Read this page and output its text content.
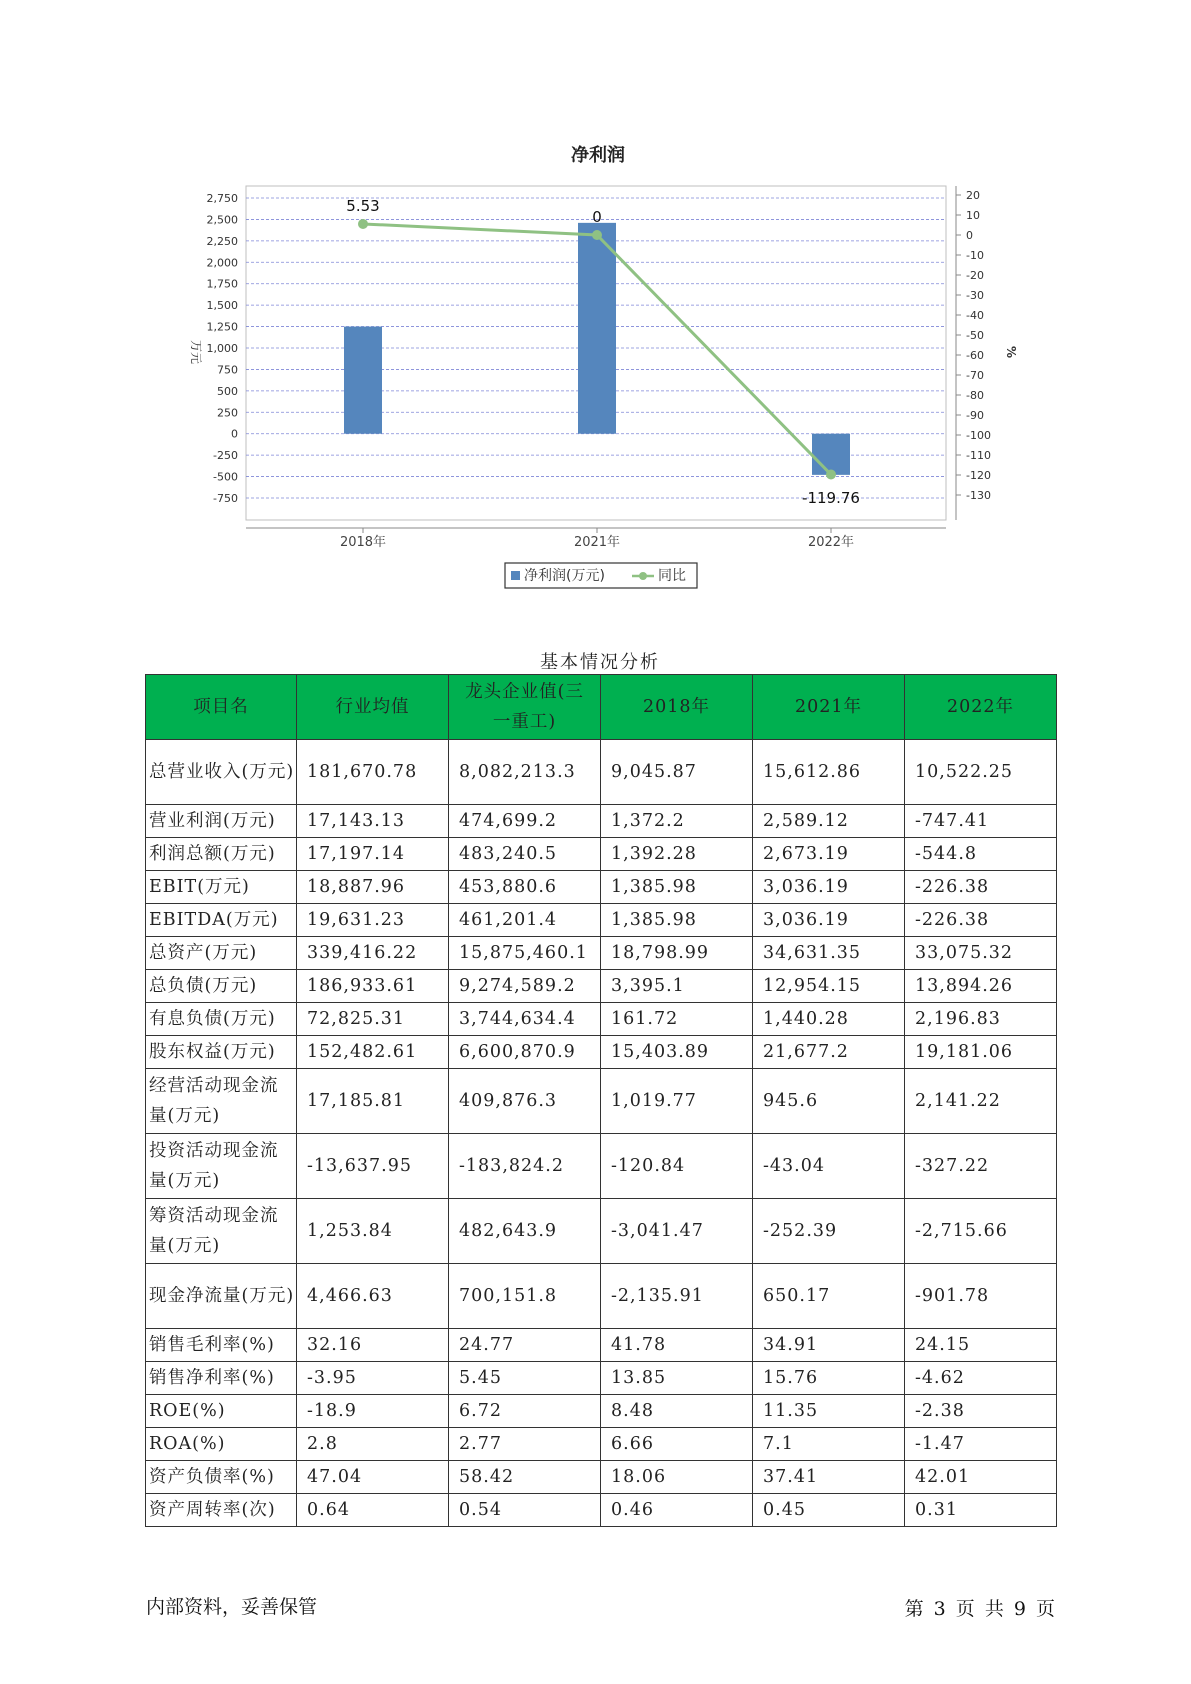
净利润
2,750
2,500
2,250
2,000
1,750
1,500
1,250
1,000
750
500
250
0
-250
-500
-750
20
10
0
-10
-20
-30
-40
-50
-60
-70
-80
-90
-100
-110
-120
-130
万元	%
2018年	2021年	2022年
5.53
0
-119.76
净利润(万元)	同比
基本情况分析
项目名	行业均值	龙头企业值(三一重工)	2018年	2021年	2022年
总营业收入(万元)	181,670.78	8,082,213.3	9,045.87	15,612.86	10,522.25
营业利润(万元)	17,143.13	474,699.2	1,372.2	2,589.12	-747.41
利润总额(万元)	17,197.14	483,240.5	1,392.28	2,673.19	-544.8
EBIT(万元)	18,887.96	453,880.6	1,385.98	3,036.19	-226.38
EBITDA(万元)	19,631.23	461,201.4	1,385.98	3,036.19	-226.38
总资产(万元)	339,416.22	15,875,460.1	18,798.99	34,631.35	33,075.32
总负债(万元)	186,933.61	9,274,589.2	3,395.1	12,954.15	13,894.26
有息负债(万元)	72,825.31	3,744,634.4	161.72	1,440.28	2,196.83
股东权益(万元)	152,482.61	6,600,870.9	15,403.89	21,677.2	19,181.06
经营活动现金流量(万元)	17,185.81	409,876.3	1,019.77	945.6	2,141.22
投资活动现金流量(万元)	-13,637.95	-183,824.2	-120.84	-43.04	-327.22
筹资活动现金流量(万元)	1,253.84	482,643.9	-3,041.47	-252.39	-2,715.66
现金净流量(万元)	4,466.63	700,151.8	-2,135.91	650.17	-901.78
销售毛利率(%)	32.16	24.77	41.78	34.91	24.15
销售净利率(%)	-3.95	5.45	13.85	15.76	-4.62
ROE(%)	-18.9	6.72	8.48	11.35	-2.38
ROA(%)	2.8	2.77	6.66	7.1	-1.47
资产负债率(%)	47.04	58.42	18.06	37.41	42.01
资产周转率(次)	0.64	0.54	0.46	0.45	0.31
内部资料，妥善保管	第 3 页 共 9 页
